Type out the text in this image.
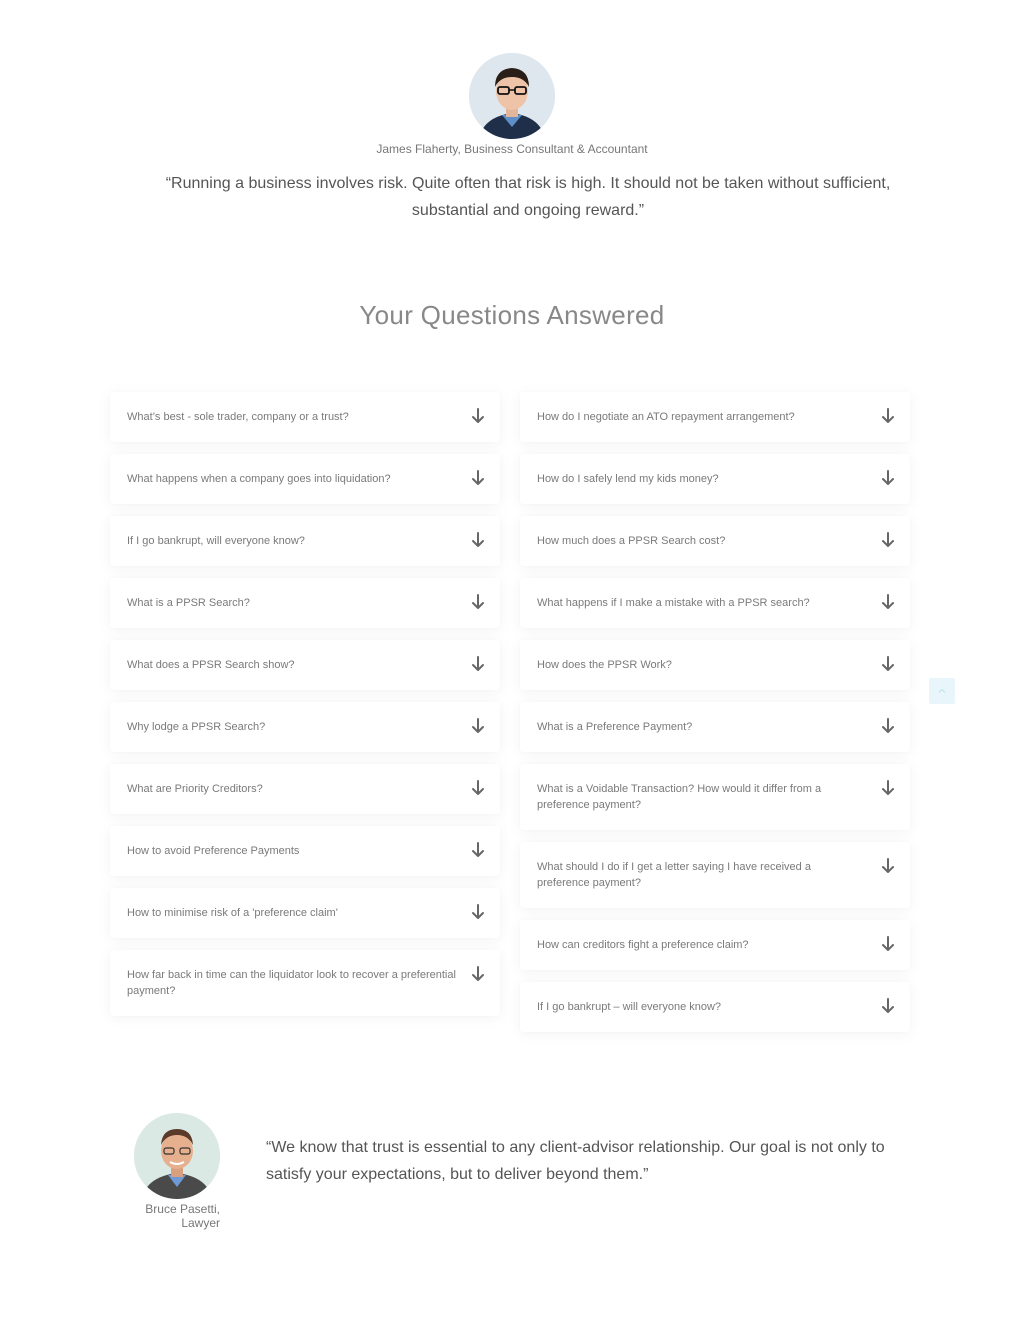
James Flaherty, Business Consultant & Accountant
“Running a business involves risk. Quite often that risk is high. It should not be taken without sufficient, substantial and ongoing reward.”
Your Questions Answered
What’s best - sole trader, company or a trust?
What happens when a company goes into liquidation?
If I go bankrupt, will everyone know?
What is a PPSR Search?
What does a PPSR Search show?
Why lodge a PPSR Search?
What are Priority Creditors?
How to avoid Preference Payments
How to minimise risk of a 'preference claim'
How far back in time can the liquidator look to recover a preferential payment?
How do I negotiate an ATO repayment arrangement?
How do I safely lend my kids money?
How much does a PPSR Search cost?
What happens if I make a mistake with a PPSR search?
How does the PPSR Work?
What is a Preference Payment?
What is a Voidable Transaction? How would it differ from a preference payment?
What should I do if I get a letter saying I have received a preference payment?
How can creditors fight a preference claim?
If I go bankrupt – will everyone know?
Bruce Pasetti,
Lawyer
“We know that trust is essential to any client-advisor relationship. Our goal is not only to satisfy your expectations, but to deliver beyond them.”
